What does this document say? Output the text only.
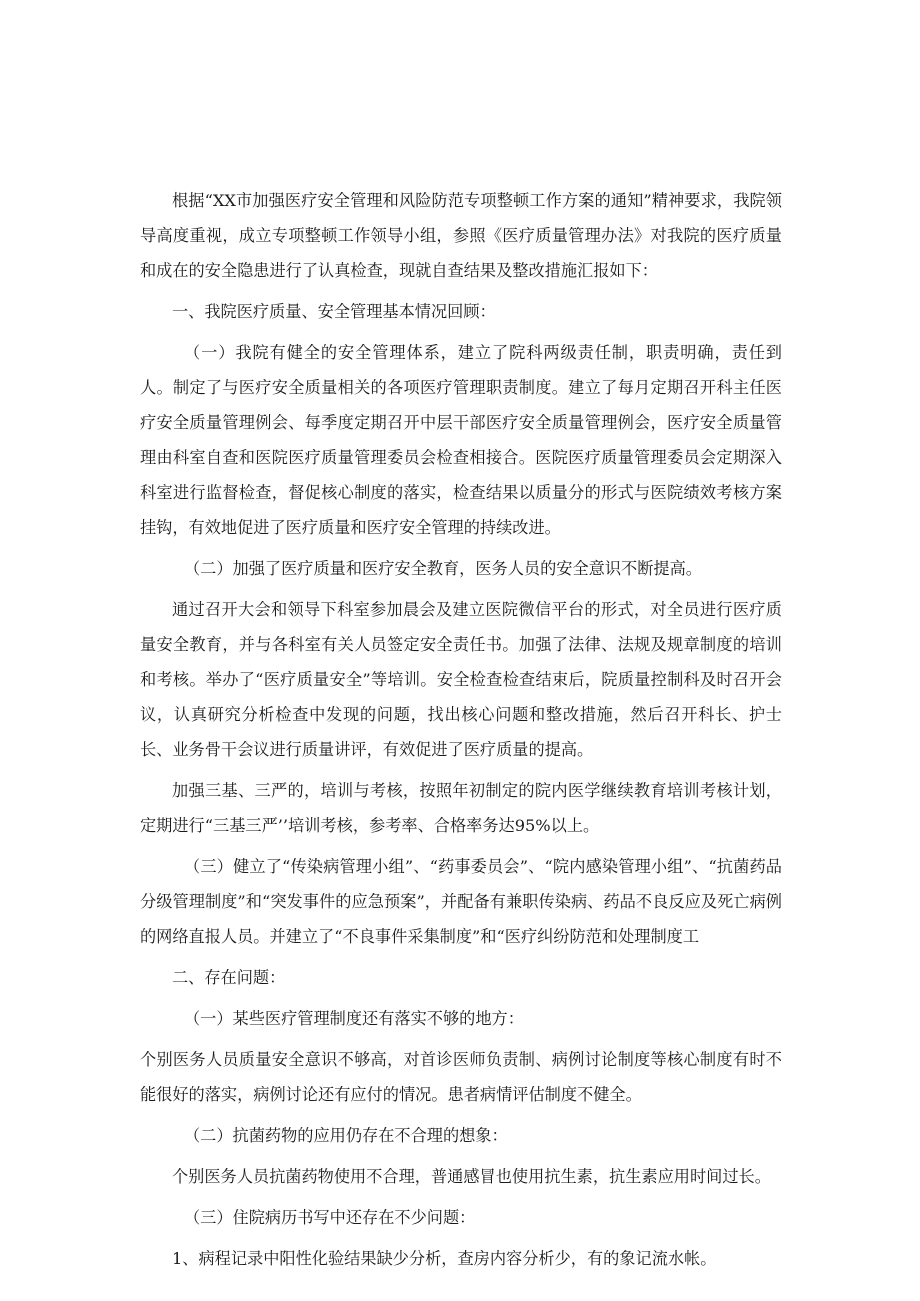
根据“XX市加强医疗安全管理和风险防范专项整顿工作方案的通知”精神要求，我院领导高度重视，成立专项整顿工作领导小组，参照《医疗质量管理办法》对我院的医疗质量和成在的安全隐患进行了认真检查，现就自查结果及整改措施汇报如下：

一、我院医疗质量、安全管理基本情况回顾：

（一）我院有健全的安全管理体系，建立了院科两级责任制，职责明确，责任到人。制定了与医疗安全质量相关的各项医疗管理职责制度。建立了每月定期召开科主任医疗安全质量管理例会、每季度定期召开中层干部医疗安全质量管理例会，医疗安全质量管理由科室自查和医院医疗质量管理委员会检查相接合。医院医疗质量管理委员会定期深入科室进行监督检查，督促核心制度的落实，检查结果以质量分的形式与医院绩效考核方案挂钩，有效地促进了医疗质量和医疗安全管理的持续改进。

（二）加强了医疗质量和医疗安全教育，医务人员的安全意识不断提高。

通过召开大会和领导下科室参加晨会及建立医院微信平台的形式，对全员进行医疗质量安全教育，并与各科室有关人员签定安全责任书。加强了法律、法规及规章制度的培训和考核。举办了“医疗质量安全”等培训。安全检查检查结束后，院质量控制科及时召开会议，认真研究分析检查中发现的问题，找出核心问题和整改措施，然后召开科长、护士长、业务骨干会议进行质量讲评，有效促进了医疗质量的提高。

加强三基、三严的，培训与考核，按照年初制定的院内医学继续教育培训考核计划，定期进行“三基三严’’培训考核，参考率、合格率务达95%以上。

（三）健立了“传染病管理小组”、“药事委员会”、“院内感染管理小组”、“抗菌药品分级管理制度”和“突发事件的应急预案”，并配备有兼职传染病、药品不良反应及死亡病例的网络直报人员。并建立了“不良事件采集制度”和“医疗纠纷防范和处理制度工

二、存在问题：

（一）某些医疗管理制度还有落实不够的地方：

个别医务人员质量安全意识不够高，对首诊医师负责制、病例讨论制度等核心制度有时不能很好的落实，病例讨论还有应付的情况。患者病情评估制度不健全。

（二）抗菌药物的应用仍存在不合理的想象：

个别医务人员抗菌药物使用不合理，普通感冒也使用抗生素，抗生素应用时间过长。

（三）住院病历书写中还存在不少问题：

1、病程记录中阳性化验结果缺少分析，查房内容分析少，有的象记流水帐。
